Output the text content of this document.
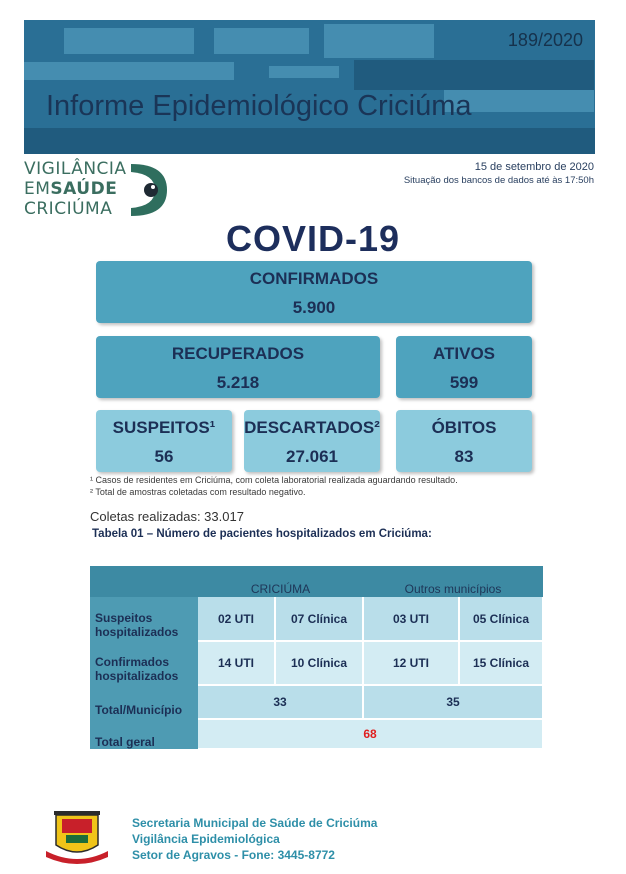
189/2020
Informe Epidemiológico Criciúma
VIGILÂNCIA
EMSAÚDE
CRICIÚMA
15 de setembro de 2020
Situação dos bancos de dados até às 17:50h
COVID-19
CONFIRMADOS
5.900
RECUPERADOS
5.218
ATIVOS
599
SUSPEITOS¹
56
DESCARTADOS²
27.061
ÓBITOS
83
¹ Casos de residentes em Criciúma, com coleta laboratorial realizada aguardando resultado.
² Total de amostras coletadas com resultado negativo.
Coletas realizadas: 33.017
Tabela 01 – Número de pacientes hospitalizados em Criciúma:
	CRICIÚMA		Outros municípios	
Suspeitos hospitalizados	02 UTI	07 Clínica	03 UTI	05 Clínica
Confirmados hospitalizados	14 UTI	10 Clínica	12 UTI	15 Clínica
Total/Município	33		35	
Total geral	68			
Secretaria Municipal de Saúde de Criciúma
Vigilância Epidemiológica
Setor de Agravos - Fone: 3445-8772
